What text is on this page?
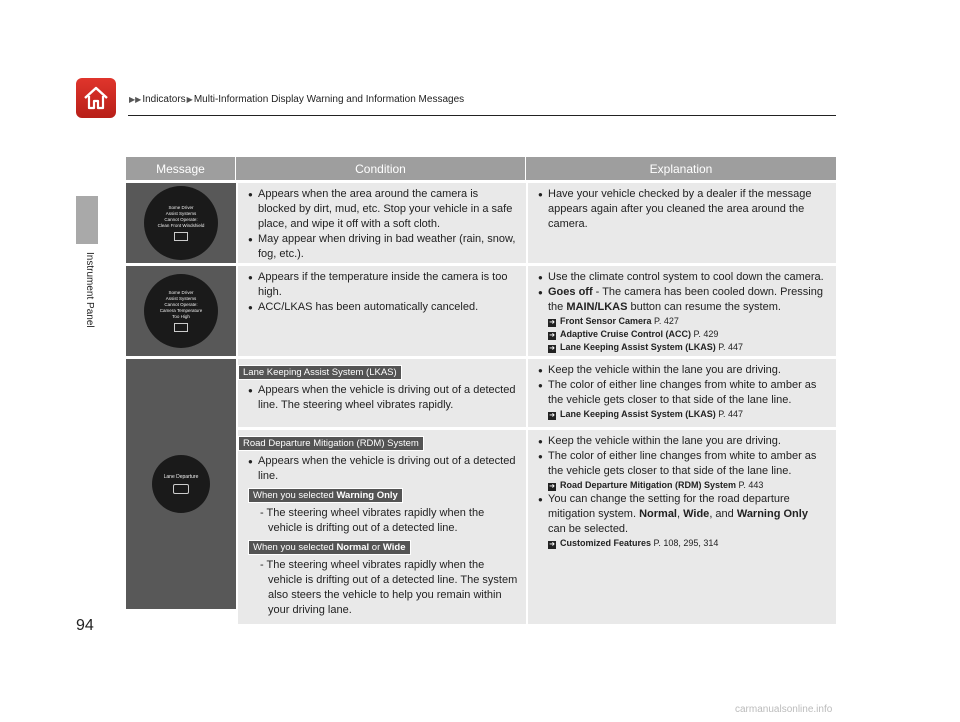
▶▶ Indicators ▶ Multi-Information Display Warning and Information Messages
Instrument Panel
Message	Condition	Explanation
Some Driver
Assist Systems
Cannot Operate:
Clean Front Windshield
● Appears when the area around the camera is blocked by dirt, mud, etc. Stop your vehicle in a safe place, and wipe it off with a soft cloth.
● May appear when driving in bad weather (rain, snow, fog, etc.).
● Have your vehicle checked by a dealer if the message appears again after you cleaned the area around the camera.
Some Driver
Assist Systems
Cannot Operate:
Camera Temperature
Too High
● Appears if the temperature inside the camera is too high.
● ACC/LKAS has been automatically canceled.
● Use the climate control system to cool down the camera.
● Goes off - The camera has been cooled down. Pressing the MAIN/LKAS button can resume the system.
➜ Front Sensor Camera P. 427
➜ Adaptive Cruise Control (ACC) P. 429
➜ Lane Keeping Assist System (LKAS) P. 447
Lane Departure
Lane Keeping Assist System (LKAS)
● Appears when the vehicle is driving out of a detected line. The steering wheel vibrates rapidly.
● Keep the vehicle within the lane you are driving.
● The color of either line changes from white to amber as the vehicle gets closer to that side of the lane line.
➜ Lane Keeping Assist System (LKAS) P. 447
Road Departure Mitigation (RDM) System
● Appears when the vehicle is driving out of a detected line.
When you selected Warning Only
- The steering wheel vibrates rapidly when the vehicle is drifting out of a detected line.
When you selected Normal or Wide
- The steering wheel vibrates rapidly when the vehicle is drifting out of a detected line. The system also steers the vehicle to help you remain within your driving lane.
● Keep the vehicle within the lane you are driving.
● The color of either line changes from white to amber as the vehicle gets closer to that side of the lane line.
➜ Road Departure Mitigation (RDM) System P. 443
● You can change the setting for the road departure mitigation system. Normal, Wide, and Warning Only can be selected.
➜ Customized Features P. 108, 295, 314
94
carmanualsonline.info
